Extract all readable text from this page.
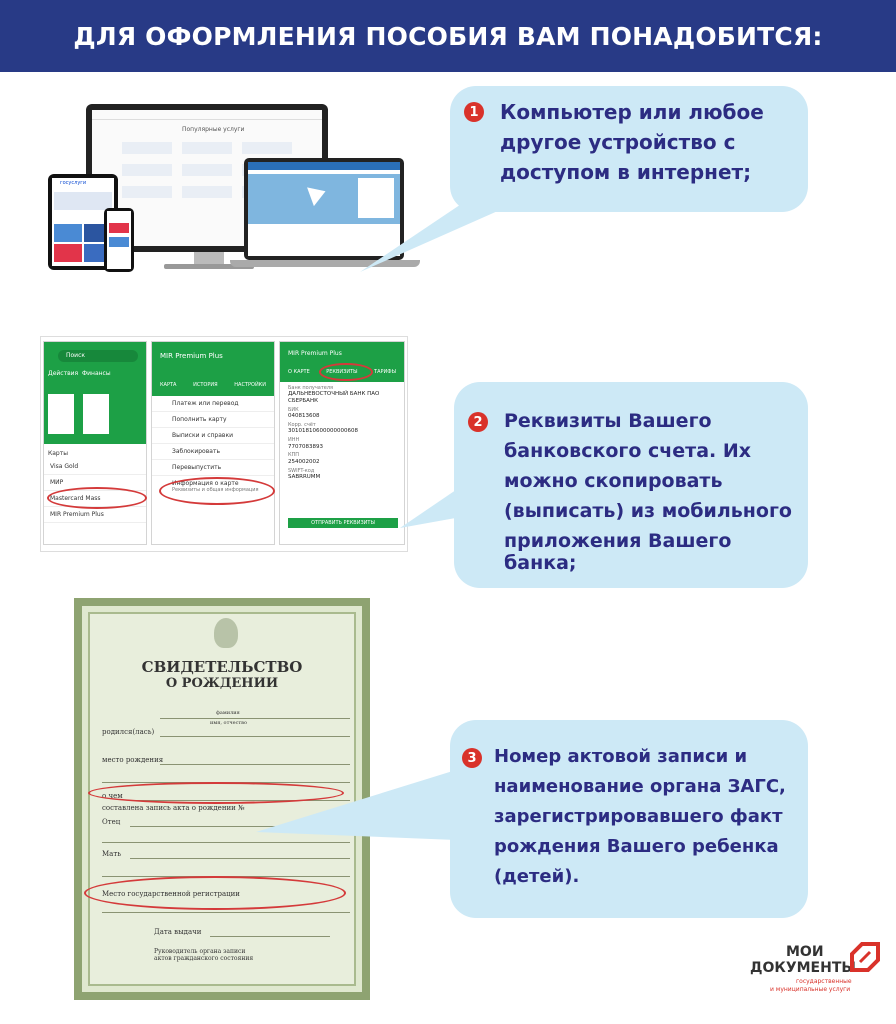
ДЛЯ ОФОРМЛЕНИЯ ПОСОБИЯ ВАМ ПОНАДОБИТСЯ:
Популярные услуги
госуслуги
1 Компьютер или любое

другое устройство с

доступом в интернет;

Поиск
Действия Финансы

Карты
Visa Gold
МИР
Mastercard Mass
MIR Premium Plus
MIR Premium Plus
КАРТА	ИСТОРИЯ	НАСТРОЙКИ
Платеж или перевод
Пополнить карту
Выписки и справки
Заблокировать
Перевыпустить
Информация о карте
Реквизиты и общая информация
MIR Premium Plus
О КАРТЕ	РЕКВИЗИТЫ	ТАРИФЫ
Банк получателя
ДАЛЬНЕВОСТОЧНЫЙ БАНК ПАО СБЕРБАНК
БИК
040813608
Корр. счёт
30101810600000000608
ИНН
7707083893
КПП
254002002
SWIFT-код
SABRRUMM
ОТПРАВИТЬ РЕКВИЗИТЫ
2 Реквизиты Вашего

банковского счета. Их

можно скопировать

(выписать) из мобильного

приложения Вашего банка;

СВИДЕТЕЛЬСТВО
О РОЖДЕНИИ
фамилия
имя, отчество
родился(лась)
место рождения
о чем
составлена запись акта о рождении №
Отец
Мать
Место государственной регистрации
Дата выдачи
Руководитель органа записи актов гражданского состояния
3 Номер актовой записи и

наименование органа ЗАГС,

зарегистрировавшего факт

рождения Вашего ребенка

(детей).

МОИ
ДОКУМЕНТЫ
государственные
и муниципальные услуги
